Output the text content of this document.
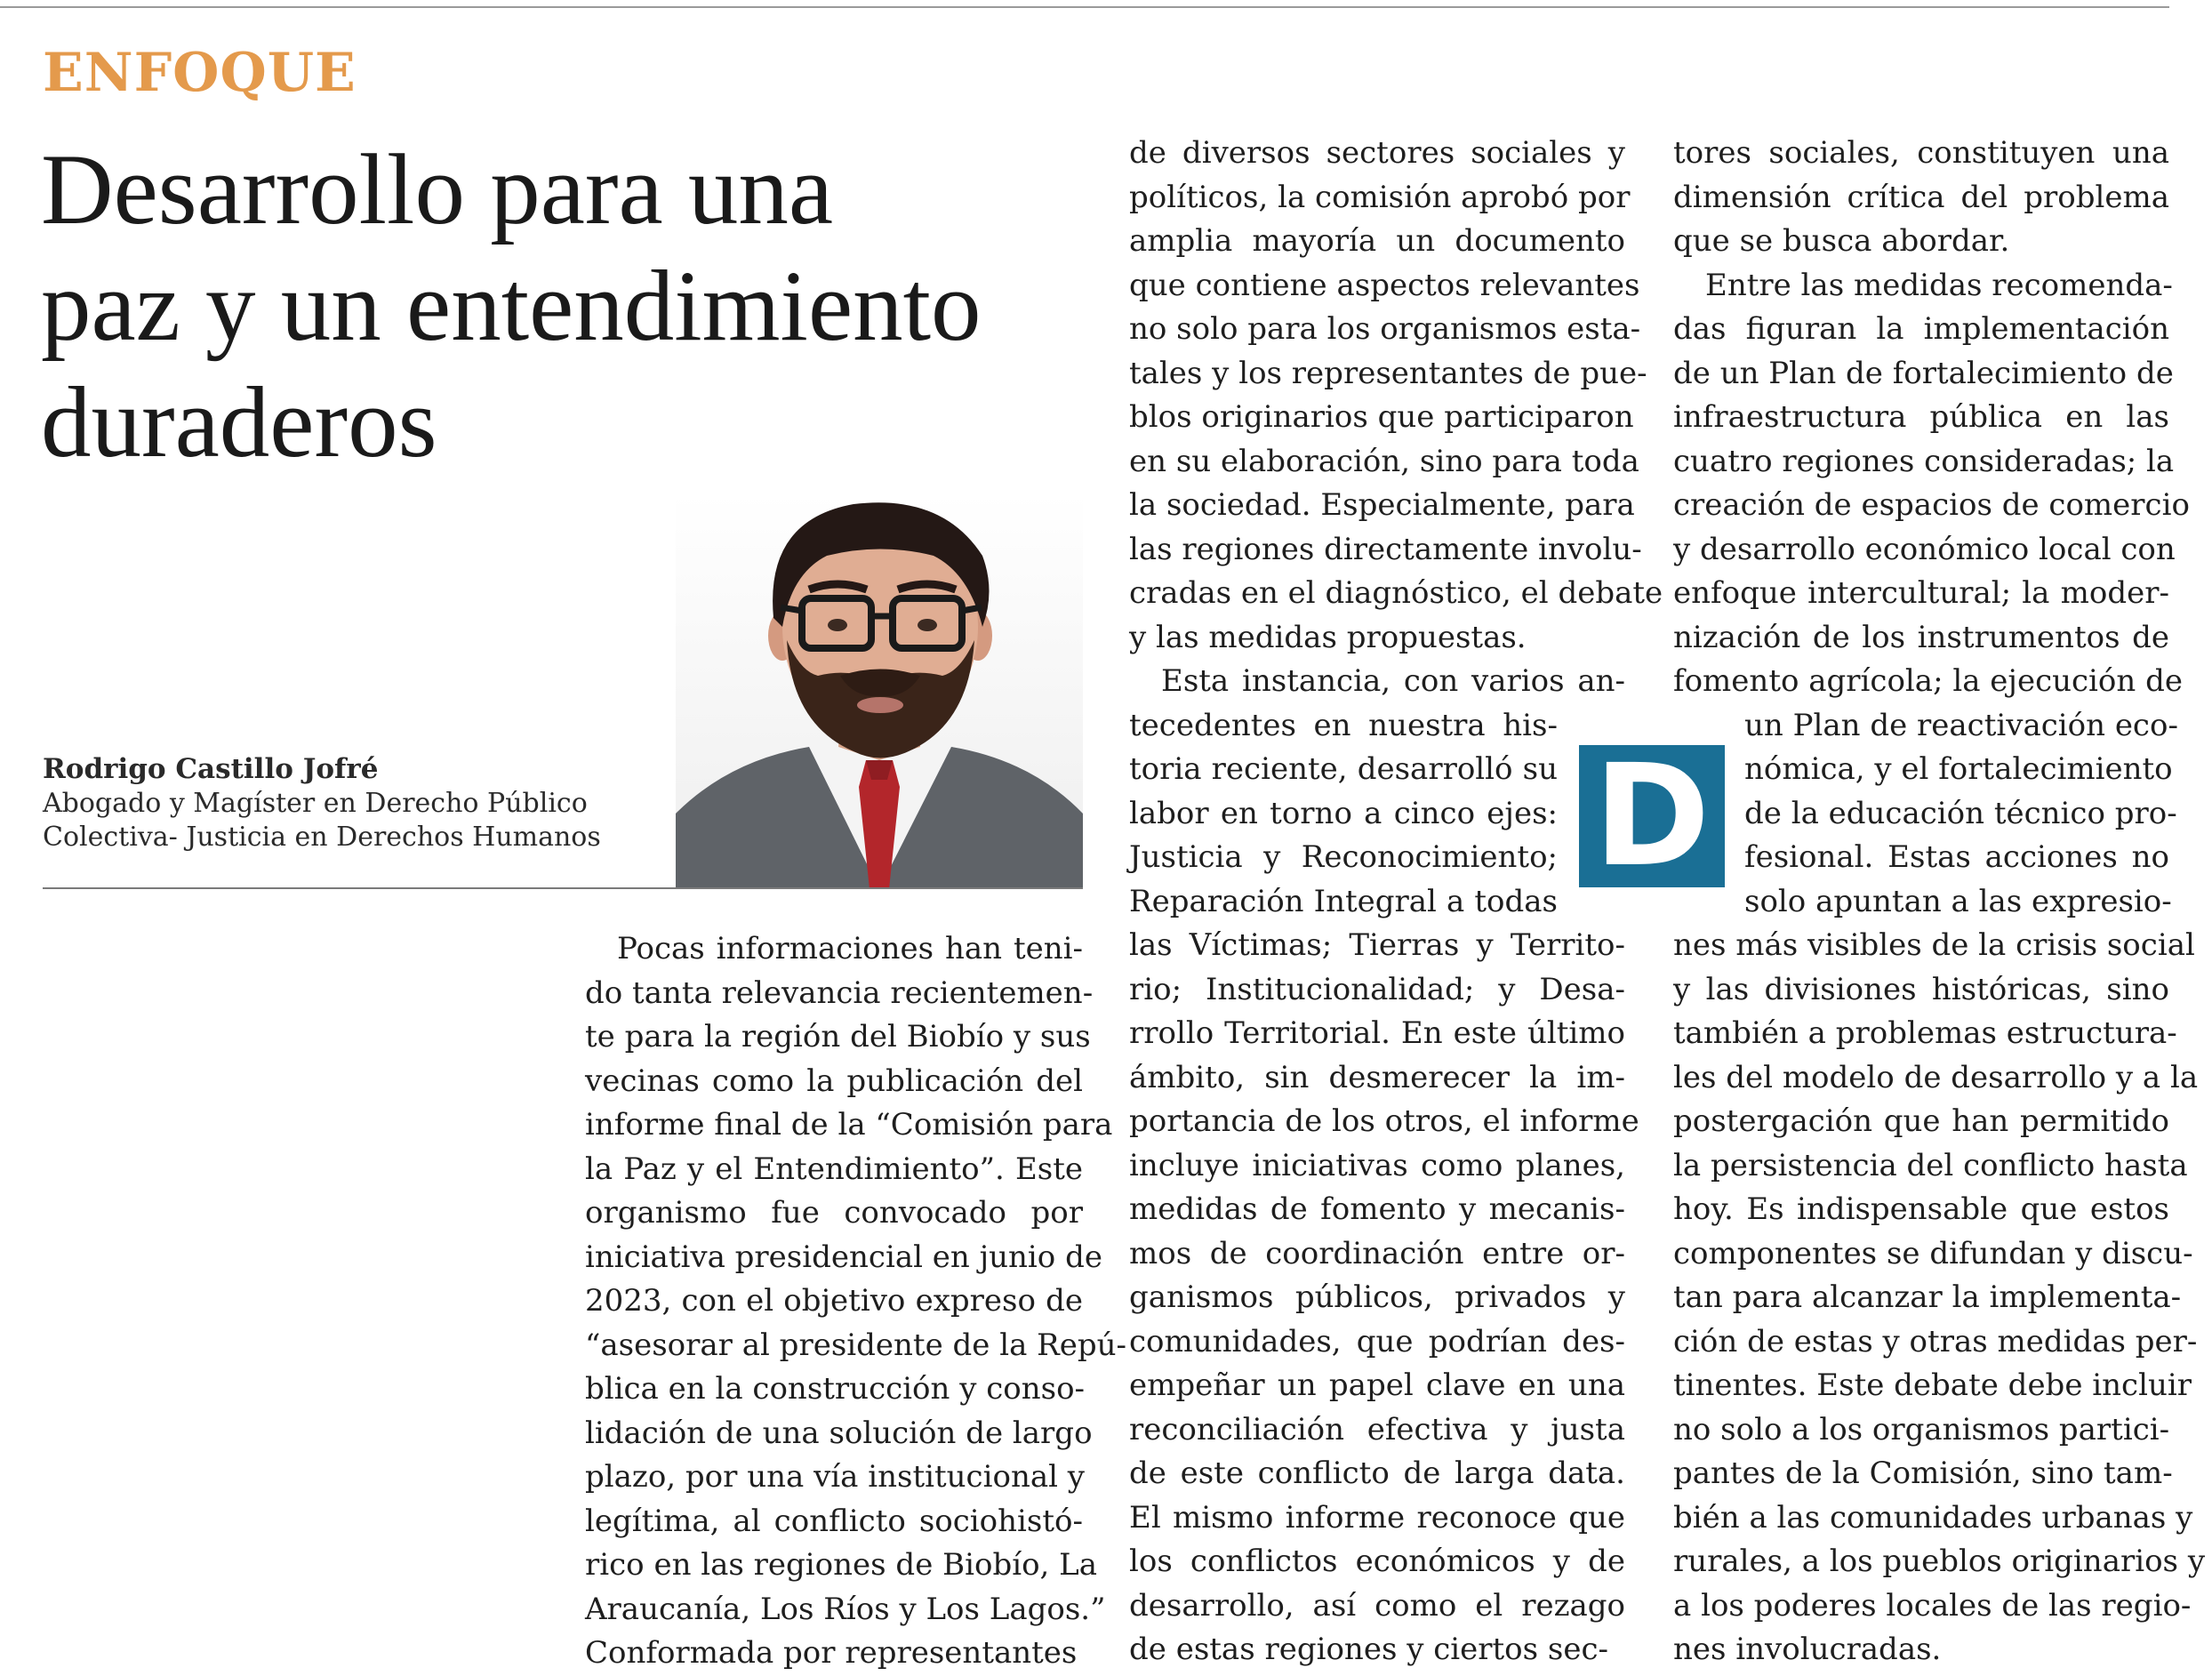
ENFOQUE
Desarrollo para una
paz y un entendimiento
duraderos
Rodrigo Castillo Jofré
Abogado y Magíster en Derecho Público
Colectiva- Justicia en Derechos Humanos
Pocas informaciones han teni-
do tanta relevancia recientemen-
te para la región del Biobío y sus
vecinas como la publicación del
informe final de la “Comisión para
la Paz y el Entendimiento”. Este
organismo fue convocado por
iniciativa presidencial en junio de
2023, con el objetivo expreso de
“asesorar al presidente de la Repú-
blica en la construcción y conso-
lidación de una solución de largo
plazo, por una vía institucional y
legítima, al conflicto sociohistó-
rico en las regiones de Biobío, La
Araucanía, Los Ríos y Los Lagos.”
Conformada por representantes
de diversos sectores sociales y
políticos, la comisión aprobó por
amplia mayoría un documento
que contiene aspectos relevantes
no solo para los organismos esta-
tales y los representantes de pue-
blos originarios que participaron
en su elaboración, sino para toda
la sociedad. Especialmente, para
las regiones directamente involu-
cradas en el diagnóstico, el debate
y las medidas propuestas.
Esta instancia, con varios an-
tecedentes en nuestra his-
toria reciente, desarrolló su
labor en torno a cinco ejes:
Justicia y Reconocimiento;
Reparación Integral a todas
las Víctimas; Tierras y Territo-
rio; Institucionalidad; y Desa-
rrollo Territorial. En este último
ámbito, sin desmerecer la im-
portancia de los otros, el informe
incluye iniciativas como planes,
medidas de fomento y mecanis-
mos de coordinación entre or-
ganismos públicos, privados y
comunidades, que podrían des-
empeñar un papel clave en una
reconciliación efectiva y justa
de este conflicto de larga data.
El mismo informe reconoce que
los conflictos económicos y de
desarrollo, así como el rezago
de estas regiones y ciertos sec-
tores sociales, constituyen una
dimensión crítica del problema
que se busca abordar.
Entre las medidas recomenda-
das figuran la implementación
de un Plan de fortalecimiento de
infraestructura pública en las
cuatro regiones consideradas; la
creación de espacios de comercio
y desarrollo económico local con
enfoque intercultural; la moder-
nización de los instrumentos de
fomento agrícola; la ejecución de
un Plan de reactivación eco-
nómica, y el fortalecimiento
de la educación técnico pro-
fesional. Estas acciones no
solo apuntan a las expresio-
nes más visibles de la crisis social
y las divisiones históricas, sino
también a problemas estructura-
les del modelo de desarrollo y a la
postergación que han permitido
la persistencia del conflicto hasta
hoy. Es indispensable que estos
componentes se difundan y discu-
tan para alcanzar la implementa-
ción de estas y otras medidas per-
tinentes. Este debate debe incluir
no solo a los organismos partici-
pantes de la Comisión, sino tam-
bién a las comunidades urbanas y
rurales, a los pueblos originarios y
a los poderes locales de las regio-
nes involucradas.
D
